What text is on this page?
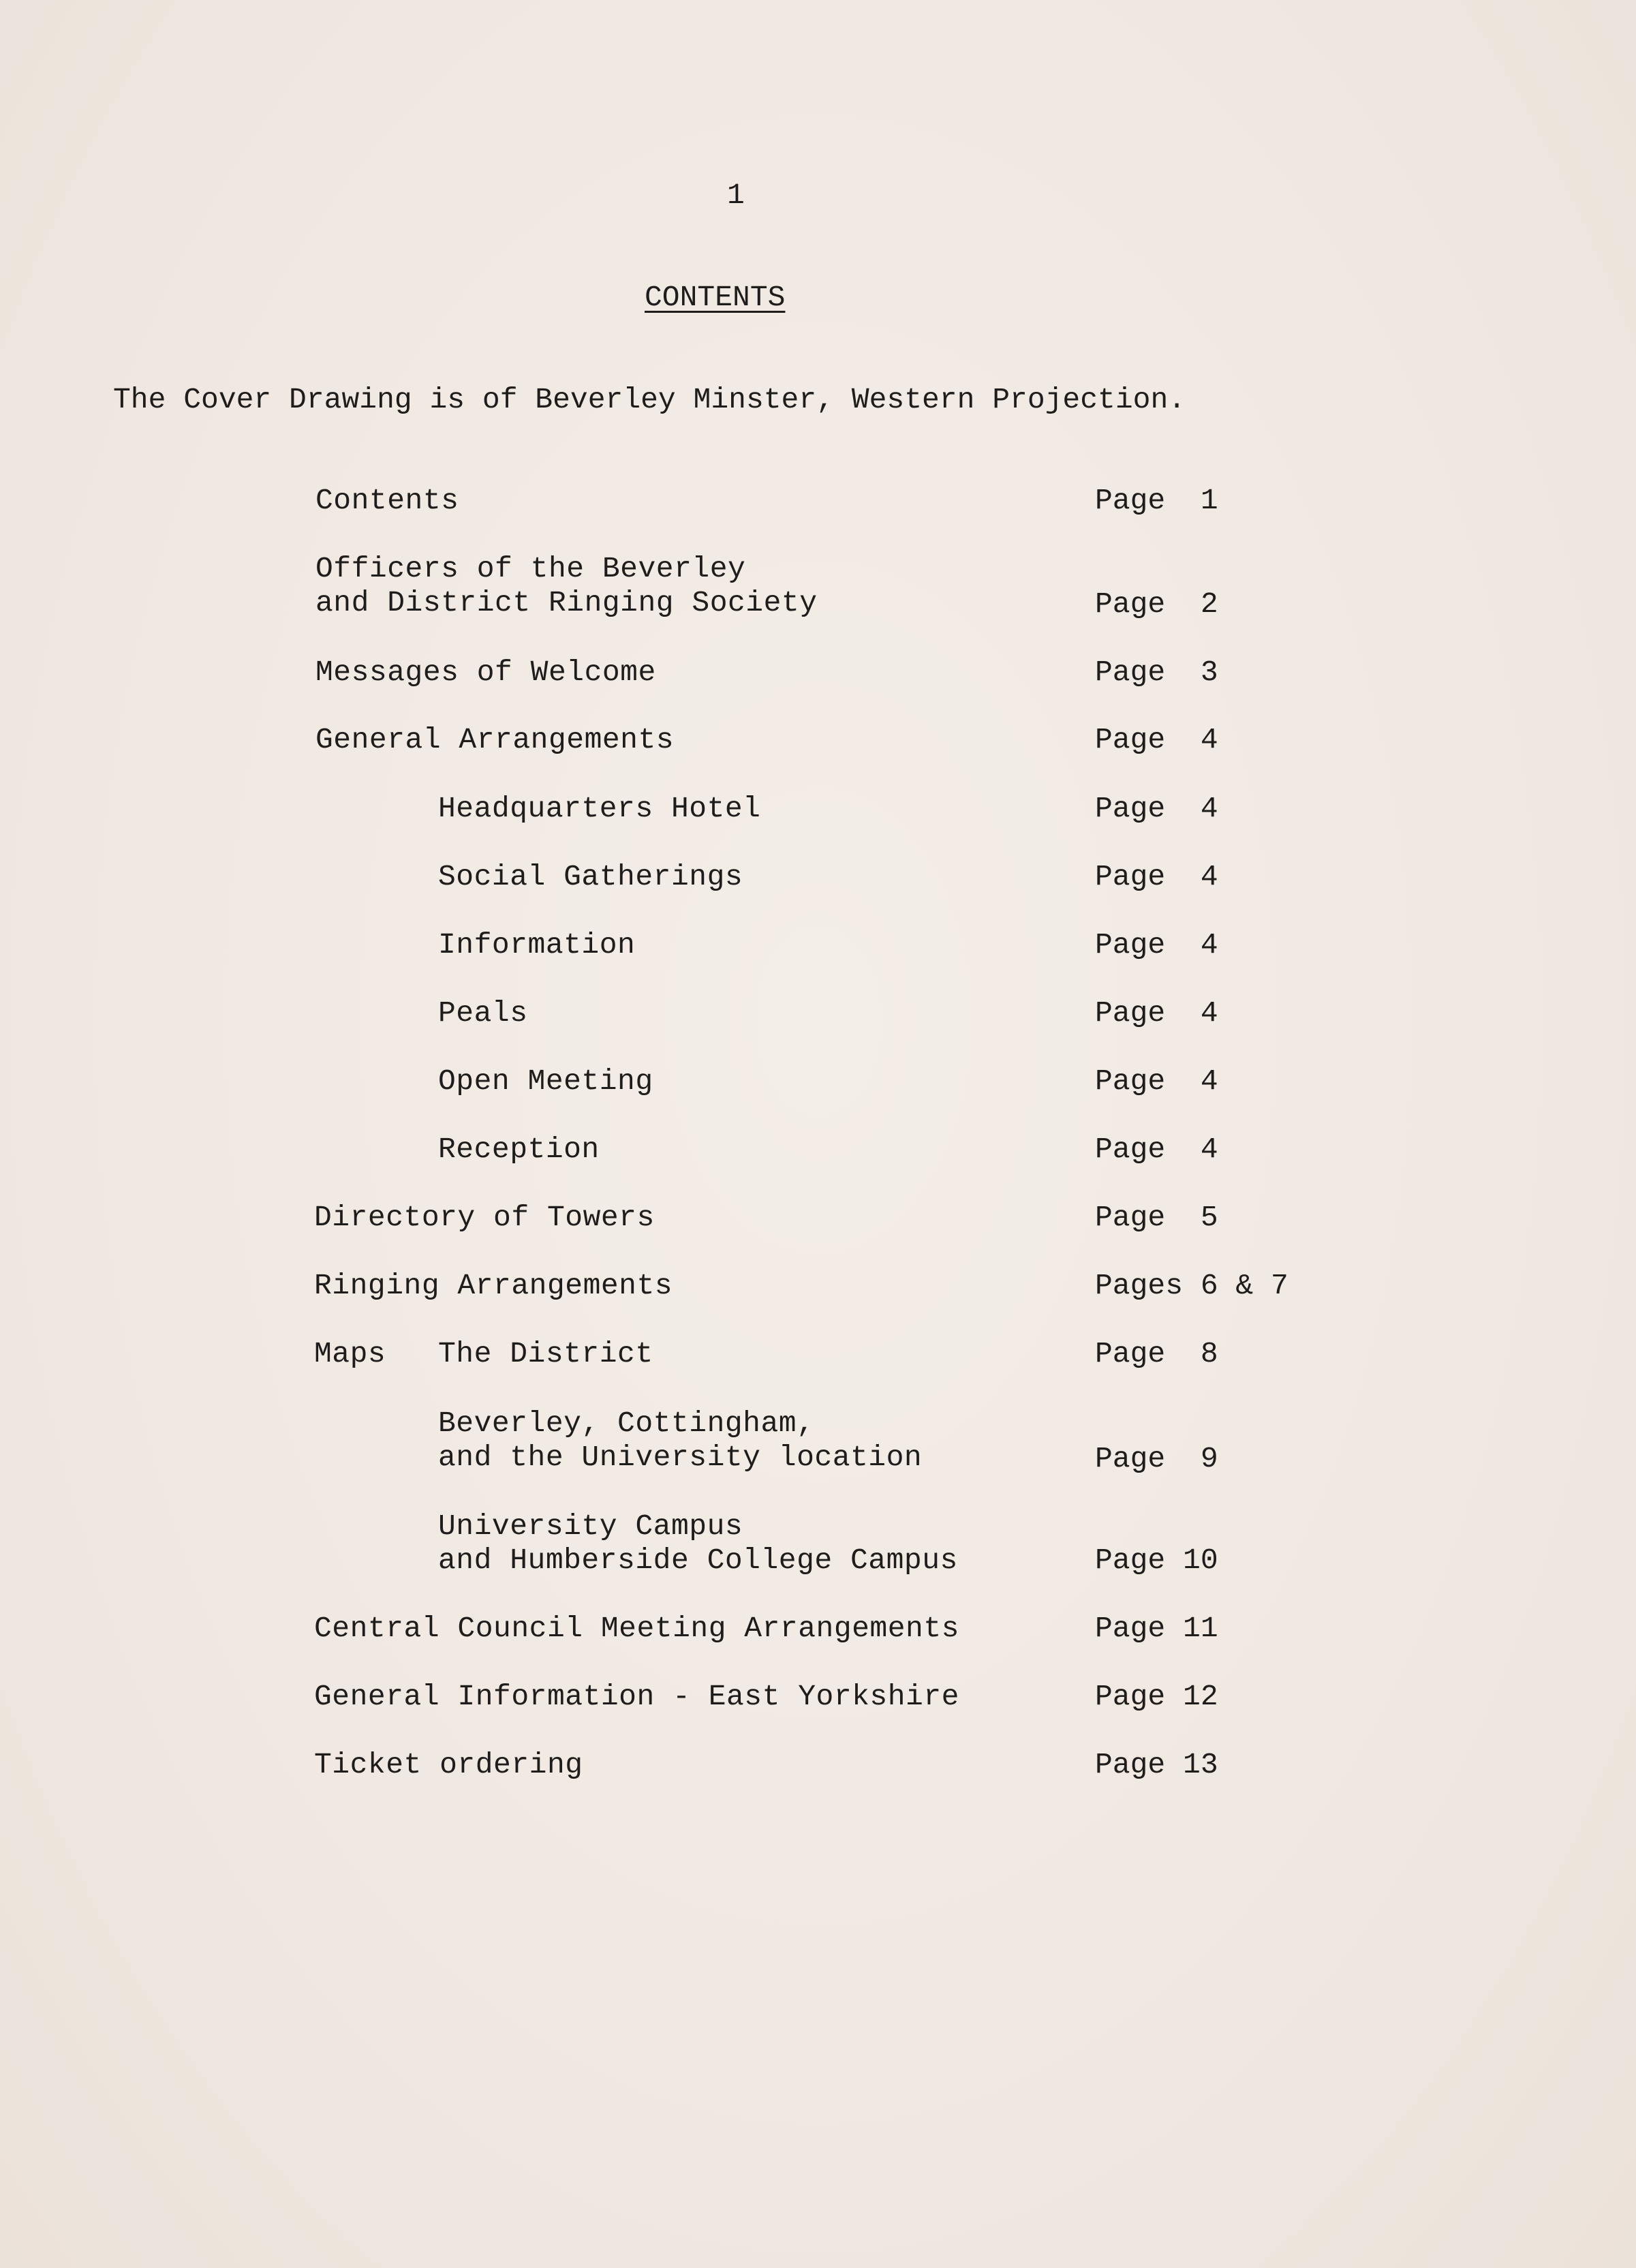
1
CONTENTS
The Cover Drawing is of Beverley Minster, Western Projection.
Contents	Page  1
Officers of the Beverley
and District Ringing Society	Page  2
Messages of Welcome	Page  3
General Arrangements	Page  4
Headquarters Hotel	Page  4
Social Gatherings	Page  4
Information	Page  4
Peals	Page  4
Open Meeting	Page  4
Reception	Page  4
Directory of Towers	Page  5
Ringing Arrangements	Pages 6 & 7
Maps The District	Page  8
Beverley, Cottingham,
and the University location	Page  9
University Campus
and Humberside College Campus	Page 10
Central Council Meeting Arrangements	Page 11
General Information - East Yorkshire	Page 12
Ticket ordering	Page 13
